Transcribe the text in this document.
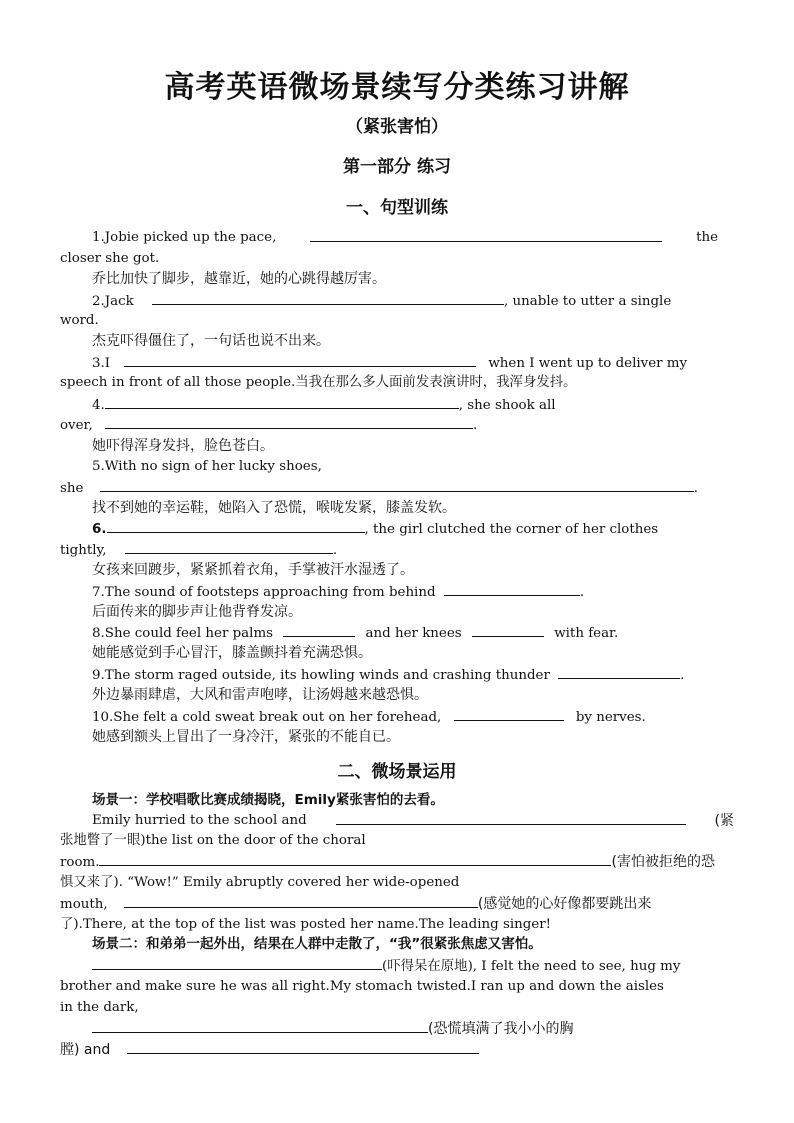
高考英语微场景续写分类练习讲解
（紧张害怕）
第一部分 练习
一、句型训练
1.Jobie picked up the pace,	the
closer she got.
乔比加快了脚步，越靠近，她的心跳得越厉害。
2.Jack	, unable to utter a single
word.
杰克吓得僵住了，一句话也说不出来。
3.I	when I went up to deliver my
speech in front of all those people.当我在那么多人面前发表演讲时，我浑身发抖。
4.	, she shook all
over,	.
她吓得浑身发抖，脸色苍白。
5.With no sign of her lucky shoes,
she	.
找不到她的幸运鞋，她陷入了恐慌，喉咙发紧，膝盖发软。
6.	, the girl clutched the corner of her clothes
tightly,	.
女孩来回踱步，紧紧抓着衣角，手掌被汗水湿透了。
7.The sound of footsteps approaching from behind	.
后面传来的脚步声让他背脊发凉。
8.She could feel her palms	and her knees	with fear.
她能感觉到手心冒汗，膝盖颤抖着充满恐惧。
9.The storm raged outside, its howling winds and crashing thunder	.
外边暴雨肆虐，大风和雷声咆哮，让汤姆越来越恐惧。
10.She felt a cold sweat break out on her forehead,	by nerves.
她感到额头上冒出了一身冷汗，紧张的不能自已。
二、微场景运用
场景一：学校唱歌比赛成绩揭晓，Emily紧张害怕的去看。
Emily hurried to the school and	(紧
张地瞥了一眼)the list on the door of the choral
room.	(害怕被拒绝的恐
惧又来了). “Wow!” Emily abruptly covered her wide-opened
mouth,	(感觉她的心好像都要跳出来
了).There, at the top of the list was posted her name.The leading singer!
场景二：和弟弟一起外出，结果在人群中走散了，“我”很紧张焦虑又害怕。
(吓得呆在原地), I felt the need to see, hug my
brother and make sure he was all right.My stomach twisted.I ran up and down the aisles
in the dark,
(恐慌填满了我小小的胸
膛) and
